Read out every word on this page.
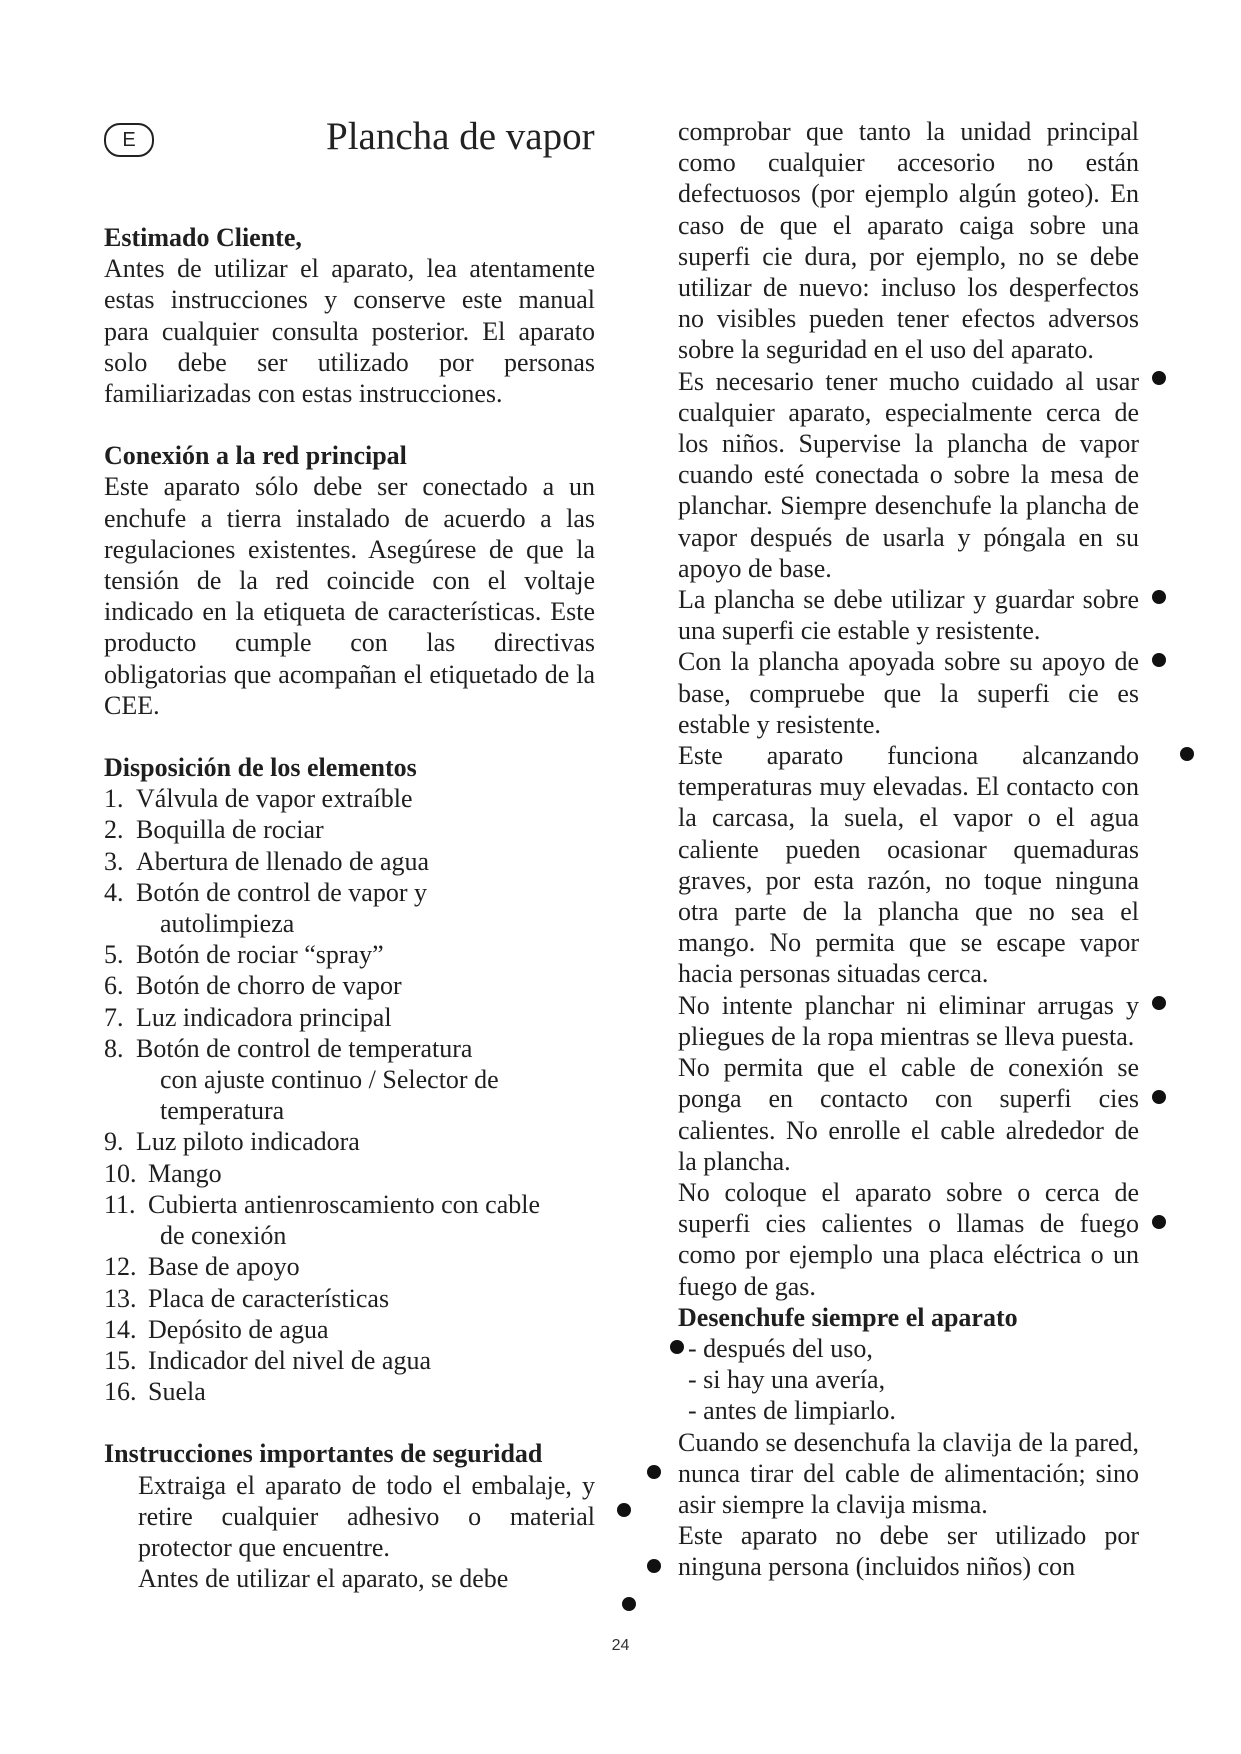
E	Plancha de vapor

Estimado Cliente,

Antes de utilizar el aparato, lea atentamente estas instrucciones y conserve este manual para cualquier consulta posterior. El aparato solo debe ser utilizado por personas familiarizadas con estas instrucciones.

Conexión a la red principal

Este aparato sólo debe ser conectado a un enchufe a tierra instalado de acuerdo a las regulaciones existentes. Asegúrese de que la tensión de la red coincide con el voltaje indicado en la etiqueta de características. Este producto cumple con las directivas obligatorias que acompañan el etiquetado de la CEE.

Disposición de los elementos

1. Válvula de vapor extraíble
2. Boquilla de rociar
3. Abertura de llenado de agua
4. Botón de control de vapor y
autolimpieza
5. Botón de rociar “spray”
6. Botón de chorro de vapor
7. Luz indicadora principal
8. Botón de control de temperatura
con ajuste continuo / Selector de temperatura
9. Luz piloto indicadora
10. Mango
11. Cubierta antienroscamiento con cable
de conexión
12. Base de apoyo
13. Placa de características
14. Depósito de agua
15. Indicador del nivel de agua
16. Suela

Instrucciones importantes de seguridad

Extraiga el aparato de todo el embalaje, y retire cualquier adhesivo o material protector que encuentre.

Antes de utilizar el aparato, se debe

comprobar que tanto la unidad principal como cualquier accesorio no están defectuosos (por ejemplo algún goteo). En caso de que el aparato caiga sobre una superfi cie dura, por ejemplo, no se debe utilizar de nuevo: incluso los desperfectos no visibles pueden tener efectos adversos sobre la seguridad en el uso del aparato.

Es necesario tener mucho cuidado al usar cualquier aparato, especialmente cerca de los niños. Supervise la plancha de vapor cuando esté conectada o sobre la mesa de planchar. Siempre desenchufe la plancha de vapor después de usarla y póngala en su apoyo de base.

La plancha se debe utilizar y guardar sobre una superfi cie estable y resistente.

Con la plancha apoyada sobre su apoyo de base, compruebe que la superfi cie es estable y resistente.

Este aparato funciona alcanzando temperaturas muy elevadas. El contacto con la carcasa, la suela, el vapor o el agua caliente pueden ocasionar quemaduras graves, por esta razón, no toque ninguna otra parte de la plancha que no sea el mango. No permita que se escape vapor hacia personas situadas cerca.

No intente planchar ni eliminar arrugas y pliegues de la ropa mientras se lleva puesta.

No permita que el cable de conexión se ponga en contacto con superfi cies calientes. No enrolle el cable alrededor de la plancha.

No coloque el aparato sobre o cerca de superfi cies calientes o llamas de fuego como por ejemplo una placa eléctrica o un fuego de gas.

Desenchufe siempre el aparato

- después del uso,
- si hay una avería,
- antes de limpiarlo.

Cuando se desenchufa la clavija de la pared, nunca tirar del cable de alimentación; sino asir siempre la clavija misma.

Este aparato no debe ser utilizado por ninguna persona (incluidos niños) con

24
